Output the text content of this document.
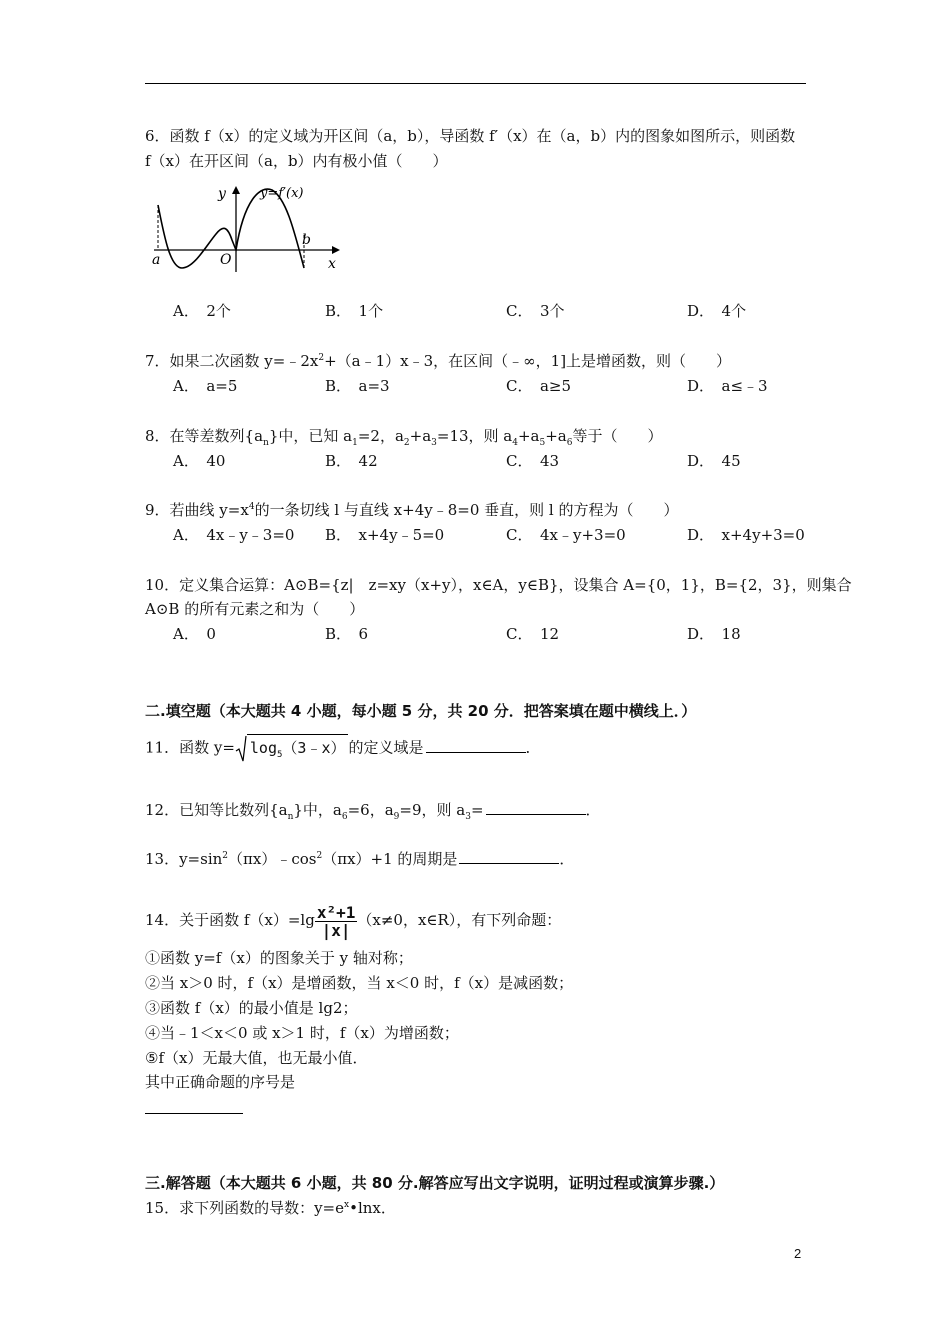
6．函数 f（x）的定义域为开区间（a，b），导函数 f′（x）在（a，b）内的图象如图所示，则函数
f（x）在开区间（a，b）内有极小值（　　）
y	y=f′(x)
a	O
b
x
A．　2个	B．　1个	C．　3个	D．　4个
7．如果二次函数 $y=﹣2x^2+(a﹣1)x﹣3$，在区间（﹣∞，1]上是增函数，则（　　）
A．　a=5	B．　a=3	C．　a≥5	D．　a≤﹣3
8．在等差数列$\{a_n\}$中，已知 $a_1=2$，$a_2+a_3=13$，则 $a_4+a_5+a_6$等于（　　）
A．　40	B．　42	C．　43	D．　45
9．若曲线 $y=x^4$的一条切线 l 与直线 x+4y﹣8=0 垂直，则 l 的方程为（　　）
A．　4x﹣y﹣3=0 B．　x+4y﹣5=0	C．　4x﹣y+3=0	D．　x+4y+3=0
10．定义集合运算：A⊙B={z|　z=xy（x+y），x∈A，y∈B}，设集合 A={0，1}，B={2，3}，则集合
A⊙B 的所有元素之和为（　　）
A．　0	B．　6	C．　12	D．　18
二.填空题（本大题共 4 小题，每小题 5 分，共 20 分．把答案填在题中横线上．）
11．函数 $y= \log_5(3﹣x)$ 的定义域是	．
12．已知等比数列$\{a_n\}$中，$a_6=6$，$a_9=9$，则 $a_3=$	．
13．$y=\sin^2(\pi x)﹣\cos^2(\pi x)+1$ 的周期是	．
14．关于函数 $f(x)=\lg \frac{\text{x²+1}}{|x|} (x\ne 0$，x∈R），有下列命题：
①函数 y=f（x）的图象关于 y 轴对称；
②当 x＞0 时，f（x）是增函数，当 x＜0 时，f（x）是减函数；
③函数 f（x）的最小值是 lg2；
④当﹣1＜x＜0 或 x＞1 时，f（x）为增函数；
⑤f（x）无最大值，也无最小值．
其中正确命题的序号是
三.解答题（本大题共 6 小题，共 80 分.解答应写出文字说明，证明过程或演算步骤.）
15．求下列函数的导数：$y=e^x•\ln x$．
2
